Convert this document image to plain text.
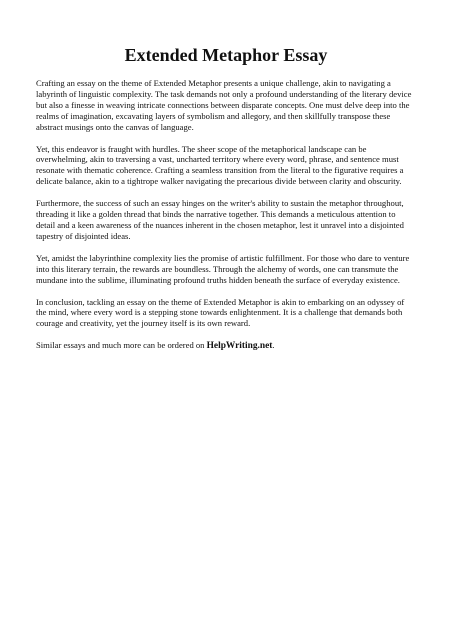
Extended Metaphor Essay

Crafting an essay on the theme of Extended Metaphor presents a unique challenge, akin to navigating a labyrinth of linguistic complexity. The task demands not only a profound understanding of the literary device but also a finesse in weaving intricate connections between disparate concepts. One must delve deep into the realms of imagination, excavating layers of symbolism and allegory, and then skillfully transpose these abstract musings onto the canvas of language.

Yet, this endeavor is fraught with hurdles. The sheer scope of the metaphorical landscape can be overwhelming, akin to traversing a vast, uncharted territory where every word, phrase, and sentence must resonate with thematic coherence. Crafting a seamless transition from the literal to the figurative requires a delicate balance, akin to a tightrope walker navigating the precarious divide between clarity and obscurity.

Furthermore, the success of such an essay hinges on the writer's ability to sustain the metaphor throughout, threading it like a golden thread that binds the narrative together. This demands a meticulous attention to detail and a keen awareness of the nuances inherent in the chosen metaphor, lest it unravel into a disjointed tapestry of disjointed ideas.

Yet, amidst the labyrinthine complexity lies the promise of artistic fulfillment. For those who dare to venture into this literary terrain, the rewards are boundless. Through the alchemy of words, one can transmute the mundane into the sublime, illuminating profound truths hidden beneath the surface of everyday existence.

In conclusion, tackling an essay on the theme of Extended Metaphor is akin to embarking on an odyssey of the mind, where every word is a stepping stone towards enlightenment. It is a challenge that demands both courage and creativity, yet the journey itself is its own reward.

Similar essays and much more can be ordered on HelpWriting.net.
